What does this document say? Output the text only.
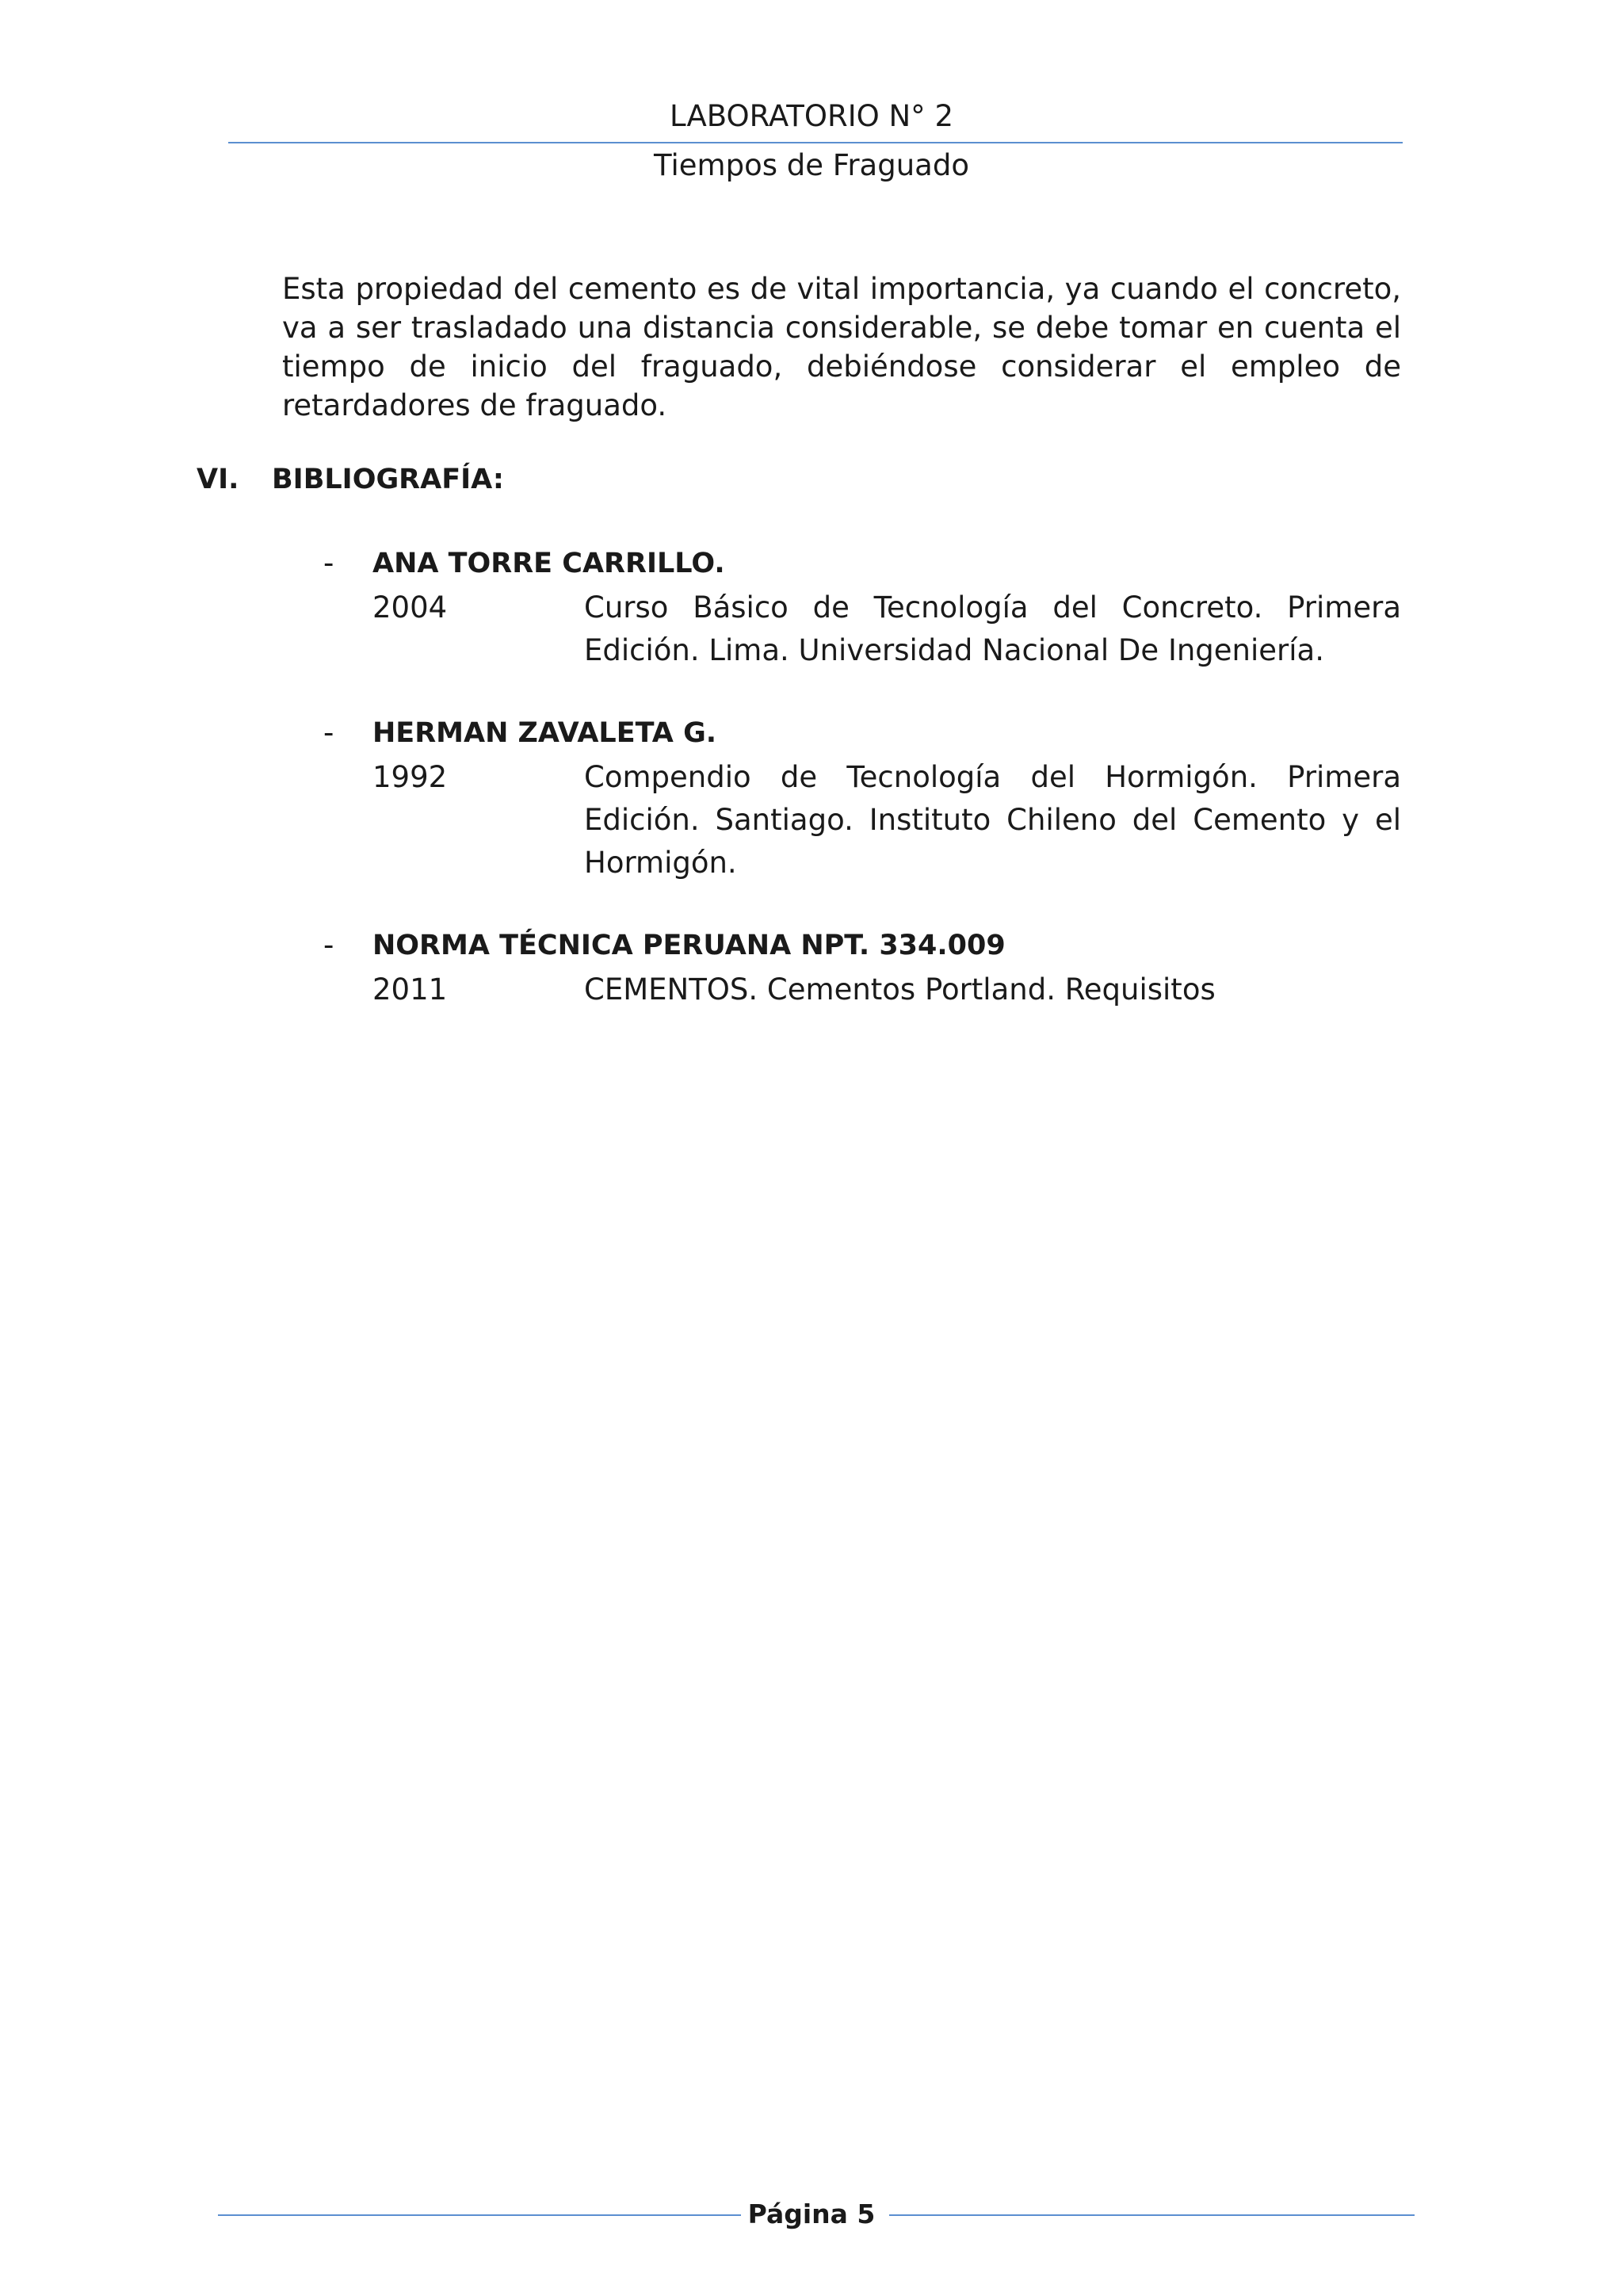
LABORATORIO N° 2
Tiempos de Fraguado
Esta propiedad del cemento es de vital importancia, ya cuando el concreto, va a ser trasladado una distancia considerable, se debe tomar en cuenta el tiempo de inicio del fraguado, debiéndose considerar el empleo de retardadores de fraguado.
VI. BIBLIOGRAFÍA:
- ANA TORRE CARRILLO.
2004	Curso Básico de Tecnología del Concreto. Primera Edición. Lima. Universidad Nacional De Ingeniería.
- HERMAN ZAVALETA G.
1992	Compendio de Tecnología del Hormigón. Primera Edición. Santiago. Instituto Chileno del Cemento y el Hormigón.
- NORMA TÉCNICA PERUANA NPT. 334.009
2011	CEMENTOS. Cementos Portland. Requisitos
Página 5
